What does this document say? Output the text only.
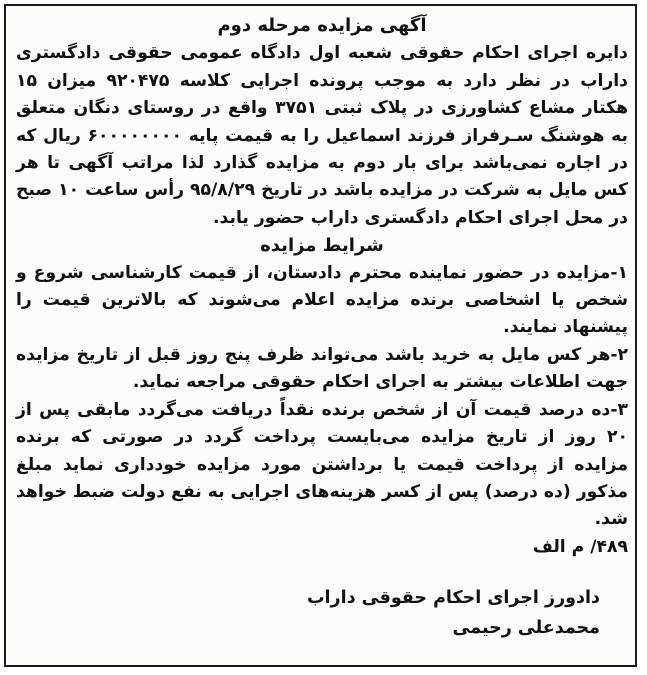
آگهی مزایده مرحله دوم

دایره اجرای احکام حقوقی شعبه اول دادگاه عمومی حقوقی دادگستری داراب در نظر دارد به موجب پرونده اجرایی کلاسه ۹۲۰۴۷۵ میزان ۱۵ هکتار مشاع کشاورزی در پلاک ثبتی ۳۷۵۱ واقع در روستای دنگان متعلق به هوشنگ سـرفراز فرزند اسماعیل را به قیمت پایه ۶۰۰۰۰۰۰۰۰ ریال که در اجاره نمی‌باشد برای بار دوم به مزایده گذارد لذا مراتب آگهی تا هر کس مایل به شرکت در مزایده باشد در تاریخ ۹۵/۸/۲۹ رأس ساعت ۱۰ صبح در محل اجرای احکام دادگستری داراب حضور یابد.

شرایط مزایده

۱-مزایده در حضور نماینده محترم دادستان، از قیمت کارشناسی شروع و شخص یا اشخاصی برنده مزایده اعلام می‌شوند که بالاترین قیمت را پیشنهاد نمایند.

۲-هر کس مایل به خرید باشد می‌تواند ظرف پنج روز قبل از تاریخ مزایده جهت اطلاعات بیشتر به اجرای احکام حقوقی مراجعه نماید.

۳-ده درصد قیمت آن از شخص برنده نقداً دریافت می‌گردد مابقی پس از ۲۰ روز از تاریخ مزایده می‌بایست پرداخت گردد در صورتی که برنده مزایده از پرداخت قیمت یا برداشتن مورد مزایده خودداری نماید مبلغ مذکور (ده درصد) پس از کسر هزینه‌های اجرایی به نفع دولت ضبط خواهد شد.

۴۸۹/ م الف

دادورز اجرای احکام حقوقی داراب
محمدعلی رحیمی
